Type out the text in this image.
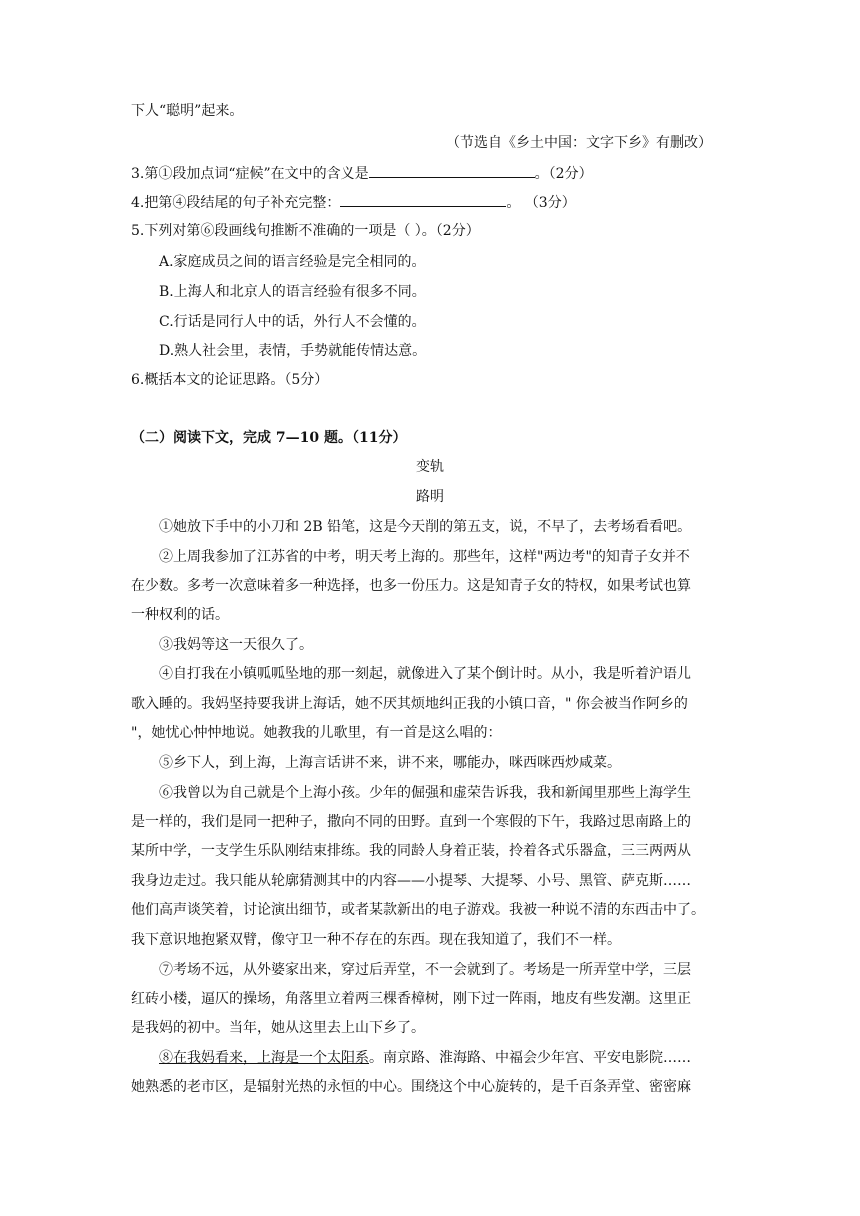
下人“聪明”起来。
（节选自《乡土中国：文字下乡》有删改）
3.第①段加点词“症候”在文中的含义是	。（2分）
4.把第④段结尾的句子补充完整：	。 （3分）
5.下列对第⑥段画线句推断不准确的一项是（ ）。（2分）
A.家庭成员之间的语言经验是完全相同的。
B.上海人和北京人的语言经验有很多不同。
C.行话是同行人中的话，外行人不会懂的。
D.熟人社会里，表情，手势就能传情达意。
6.概括本文的论证思路。（5分）
（二）阅读下文，完成 7—10 题。（11分）
变轨
路明
①她放下手中的小刀和 2B 铅笔，这是今天削的第五支，说，不早了，去考场看看吧。
②上周我参加了江苏省的中考，明天考上海的。那些年，这样"两边考"的知青子女并不
在少数。多考一次意味着多一种选择，也多一份压力。这是知青子女的特权，如果考试也算
一种权利的话。
③我妈等这一天很久了。
④自打我在小镇呱呱坠地的那一刻起，就像进入了某个倒计时。从小，我是听着沪语儿
歌入睡的。我妈坚持要我讲上海话，她不厌其烦地纠正我的小镇口音，" 你会被当作阿乡的
"，她忧心忡忡地说。她教我的儿歌里，有一首是这么唱的：
⑤乡下人，到上海，上海言话讲不来，讲不来，哪能办，咪西咪西炒咸菜。
⑥我曾以为自己就是个上海小孩。少年的倔强和虚荣告诉我，我和新闻里那些上海学生
是一样的，我们是同一把种子，撒向不同的田野。直到一个寒假的下午，我路过思南路上的
某所中学，一支学生乐队刚结束排练。我的同龄人身着正装，拎着各式乐器盒，三三两两从
我身边走过。我只能从轮廓猜测其中的内容——小提琴、大提琴、小号、黑管、萨克斯……
他们高声谈笑着，讨论演出细节，或者某款新出的电子游戏。我被一种说不清的东西击中了。
我下意识地抱紧双臂，像守卫一种不存在的东西。现在我知道了，我们不一样。
⑦考场不远，从外婆家出来，穿过后弄堂，不一会就到了。考场是一所弄堂中学，三层
红砖小楼，逼仄的操场，角落里立着两三棵香樟树，刚下过一阵雨，地皮有些发潮。这里正
是我妈的初中。当年，她从这里去上山下乡了。
⑧在我妈看来，上海是一个太阳系。南京路、淮海路、中福会少年宫、平安电影院……
她熟悉的老市区，是辐射光热的永恒的中心。围绕这个中心旋转的，是千百条弄堂、密密麻
